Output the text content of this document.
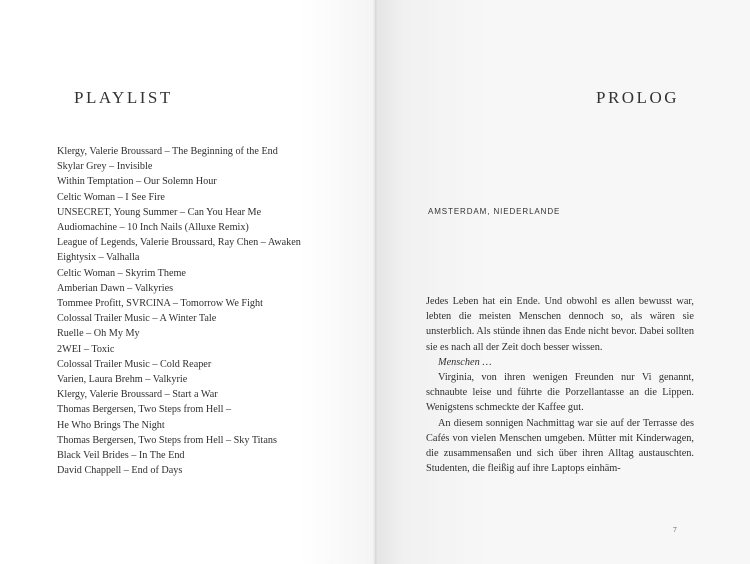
PLAYLIST
Klergy, Valerie Broussard – The Beginning of the End
Skylar Grey – Invisible
Within Temptation – Our Solemn Hour
Celtic Woman – I See Fire
UNSECRET, Young Summer – Can You Hear Me
Audiomachine – 10 Inch Nails (Alluxe Remix)
League of Legends, Valerie Broussard, Ray Chen – Awaken
Eightysix – Valhalla
Celtic Woman – Skyrim Theme
Amberian Dawn – Valkyries
Tommee Profitt, SVRCINA – Tomorrow We Fight
Colossal Trailer Music – A Winter Tale
Ruelle – Oh My My
2WEI – Toxic
Colossal Trailer Music – Cold Reaper
Varien, Laura Brehm – Valkyrie
Klergy, Valerie Broussard – Start a War
Thomas Bergersen, Two Steps from Hell –
He Who Brings The Night
Thomas Bergersen, Two Steps from Hell – Sky Titans
Black Veil Brides – In The End
David Chappell – End of Days
PROLOG
AMSTERDAM, NIEDERLANDE

Jedes Leben hat ein Ende. Und obwohl es allen bewusst war, lebten die meisten Menschen dennoch so, als wären sie unsterblich. Als stünde ihnen das Ende nicht bevor. Dabei sollten sie es nach all der Zeit doch besser wissen.

Menschen …

Virginia, von ihren wenigen Freunden nur Vi genannt, schnaubte leise und führte die Porzellantasse an die Lippen. Wenigstens schmeckte der Kaffee gut.

An diesem sonnigen Nachmittag war sie auf der Terrasse des Cafés von vielen Menschen umgeben. Mütter mit Kinderwagen, die zusammensaßen und sich über ihren Alltag austauschten. Studenten, die fleißig auf ihre Laptops einhäm-

7
